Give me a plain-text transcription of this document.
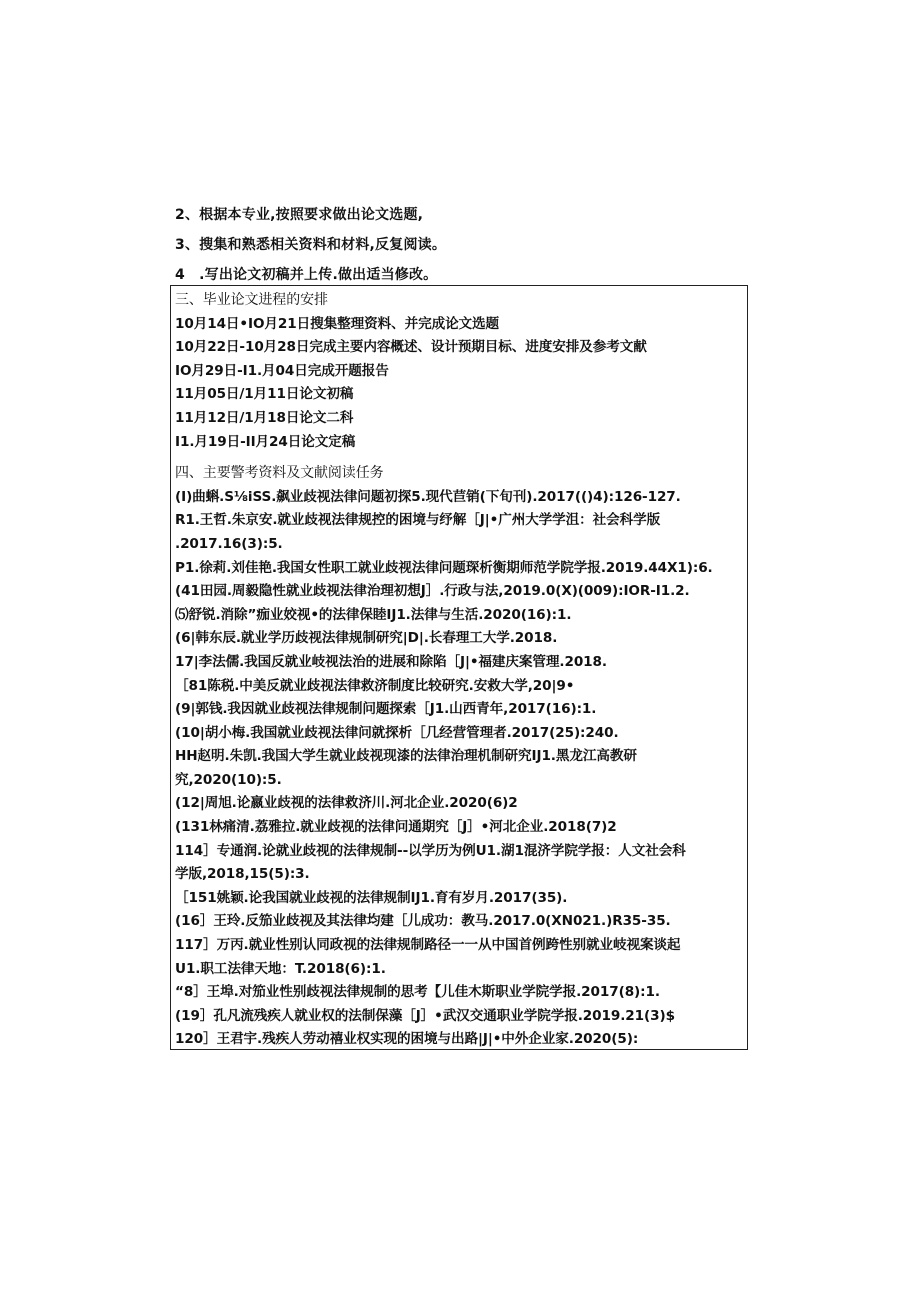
2、根据本专业,按照要求做出论文选题,
3、搜集和熟悉相关资料和材料,反复阅读。
4　.写出论文初稿并上传.做出适当修改。
三、毕业论文进程的安排
10月14日•IO月21日搜集整理资料、并完成论文选题
10月22日-10月28日完成主要内容概述、设计预期目标、进度安排及参考文献
IO月29日-I1.月04日完成开题报告
11月05日/1月11日论文初稿
11月12日/1月18日论文二科
I1.月19日-II月24日论文定稿
四、主要警考资料及文献阅读任务
(I)曲蝌.S⅛iSS.飙业歧视法律问题初探5.现代苣销(下旬刊).2017(()4):126-127.
R1.王哲.朱京安.就业歧视法律规控的困境与纾解［J|•广州大学学沮：社会科学版
.2017.16(3):5.
P1.徐莉.刘佳艳.我国女性职工就业歧视法律问题琛析衡期师范学院学报.2019.44X1):6.
(41田园.周毅隐性就业歧视法律治理初想J］.行政与法,2019.0(X)(009):IOR-I1.2.
⑸舒锐.消除”痂业姣视•的法律保睦IJ1.法律与生活.2020(16):1.
(6|韩东辰.就业学历歧视法律规制研究|D|.长春理工大学.2018.
17|李法儒.我国反就业岐视法治的进展和除陷［J|•福建庆案管理.2018.
［81陈税.中美反就业歧视法律救济制度比较研究.安救大学,20|9•
(9|郭钱.我因就业歧视法律规制问题探索［J1.山西青年,2017(16):1.
(10|胡小梅.我国就业歧视法律问就探析［几经营管理者.2017(25):240.
HH赵明.朱凯.我国大学生就业歧视现漆的法律治理机制研究IJ1.黑龙江高教研
究,2020(10):5.
(12|周旭.论嬴业歧视的法律救济川.河北企业.2020(6)2
(131林痛清.荔雅拉.就业歧视的法律问通期究［J］•河北企业.2018(7)2
114］专通润.论就业歧视的法律规制--以学历为例U1.湖1混济学院学报：人文社会科
学版,2018,15(5):3.
［151姚颖.论我国就业歧视的法律规制IJ1.育有岁月.2017(35).
(16］王玲.反笳业歧视及其法律均建［儿成功：教马.2017.0(XN021.)R35-35.
117］万丙.就业性别认同政视的法律规制路径一一从中国首例跨性别就业岐视案谈起
U1.职工法律天地：T.2018(6):1.
“8］王埠.对笳业性别歧视法律规制的思考【儿佳木斯职业学院学报.2017(8):1.
(19］孔凡流残疾人就业权的法制保藻［J］•武汉交通职业学院学报.2019.21(3)$
120］王君宇.残疾人劳动禧业权实现的困境与出路|J|•中外企业家.2020(5):
